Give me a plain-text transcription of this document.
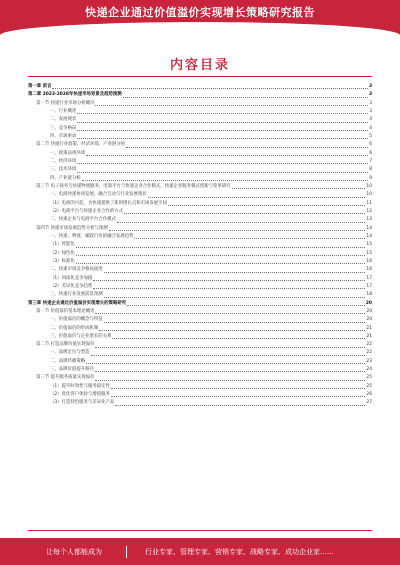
快递企业通过价值溢价实现增长策略研究报告
内容目录
第一章 前言	3
第二章 2023-2028年快递市场背景及趋势预测	3
第一节 快递行业市场分析概况	3
一、行业概述	3
二、发展现状	4
三、竞争格局	4
四、市场驱动	5
第二节 快递行业政策、经济环境、产业链分析	6
一、政策法规环境	6
二、经济环境	7
三、技术环境	8
四、产业链分析	9
第三节 电子商务与快递物流服务、电商平台与快递企业合作模式、快递企业服务模式创新与变革研究	10
一、电商快递协同发展、融合互动与行业发展现状	10
（1）电商的兴起，为快递提供了新的增长点和市场发展空间	11
（2）电商平台与快递企业合作的方式	12
二、快递企业与电商平台合作模式	13
第四节 快递市场发展趋势分析与预测	14
一、快递、物流、邮政行业的融合发展趋势	14
（1）智能化	15
（2）绿色化	15
（3）标准化	16
二、快递市场竞争格局演变	16
（1）同质化竞争加剧	17
（2）差异化竞争趋势	17
三、快递行业发展前景预测	18
第三章 快递企业通过价值溢价实现增长的策略研究	20
第一节 价值溢价基本理论概述	20
一、价值溢价的概念与特征	20
二、价值溢价的形成机制	21
三、价值溢价与企业增长的关系	21
第二节 打造品牌价值实现溢价	22
一、品牌定位与塑造	22
二、品牌传播策略	23
三、品牌价值提升路径	24
第三节 提升服务质量实现溢价	25
（1）提升时效性与服务稳定性	25
（2）优化客户体验与增值服务	26
（3）打造特色服务与差异化产品	27
让每个人都能成为	行业专家、管理专家、营销专家、战略专家、成功企业家……
